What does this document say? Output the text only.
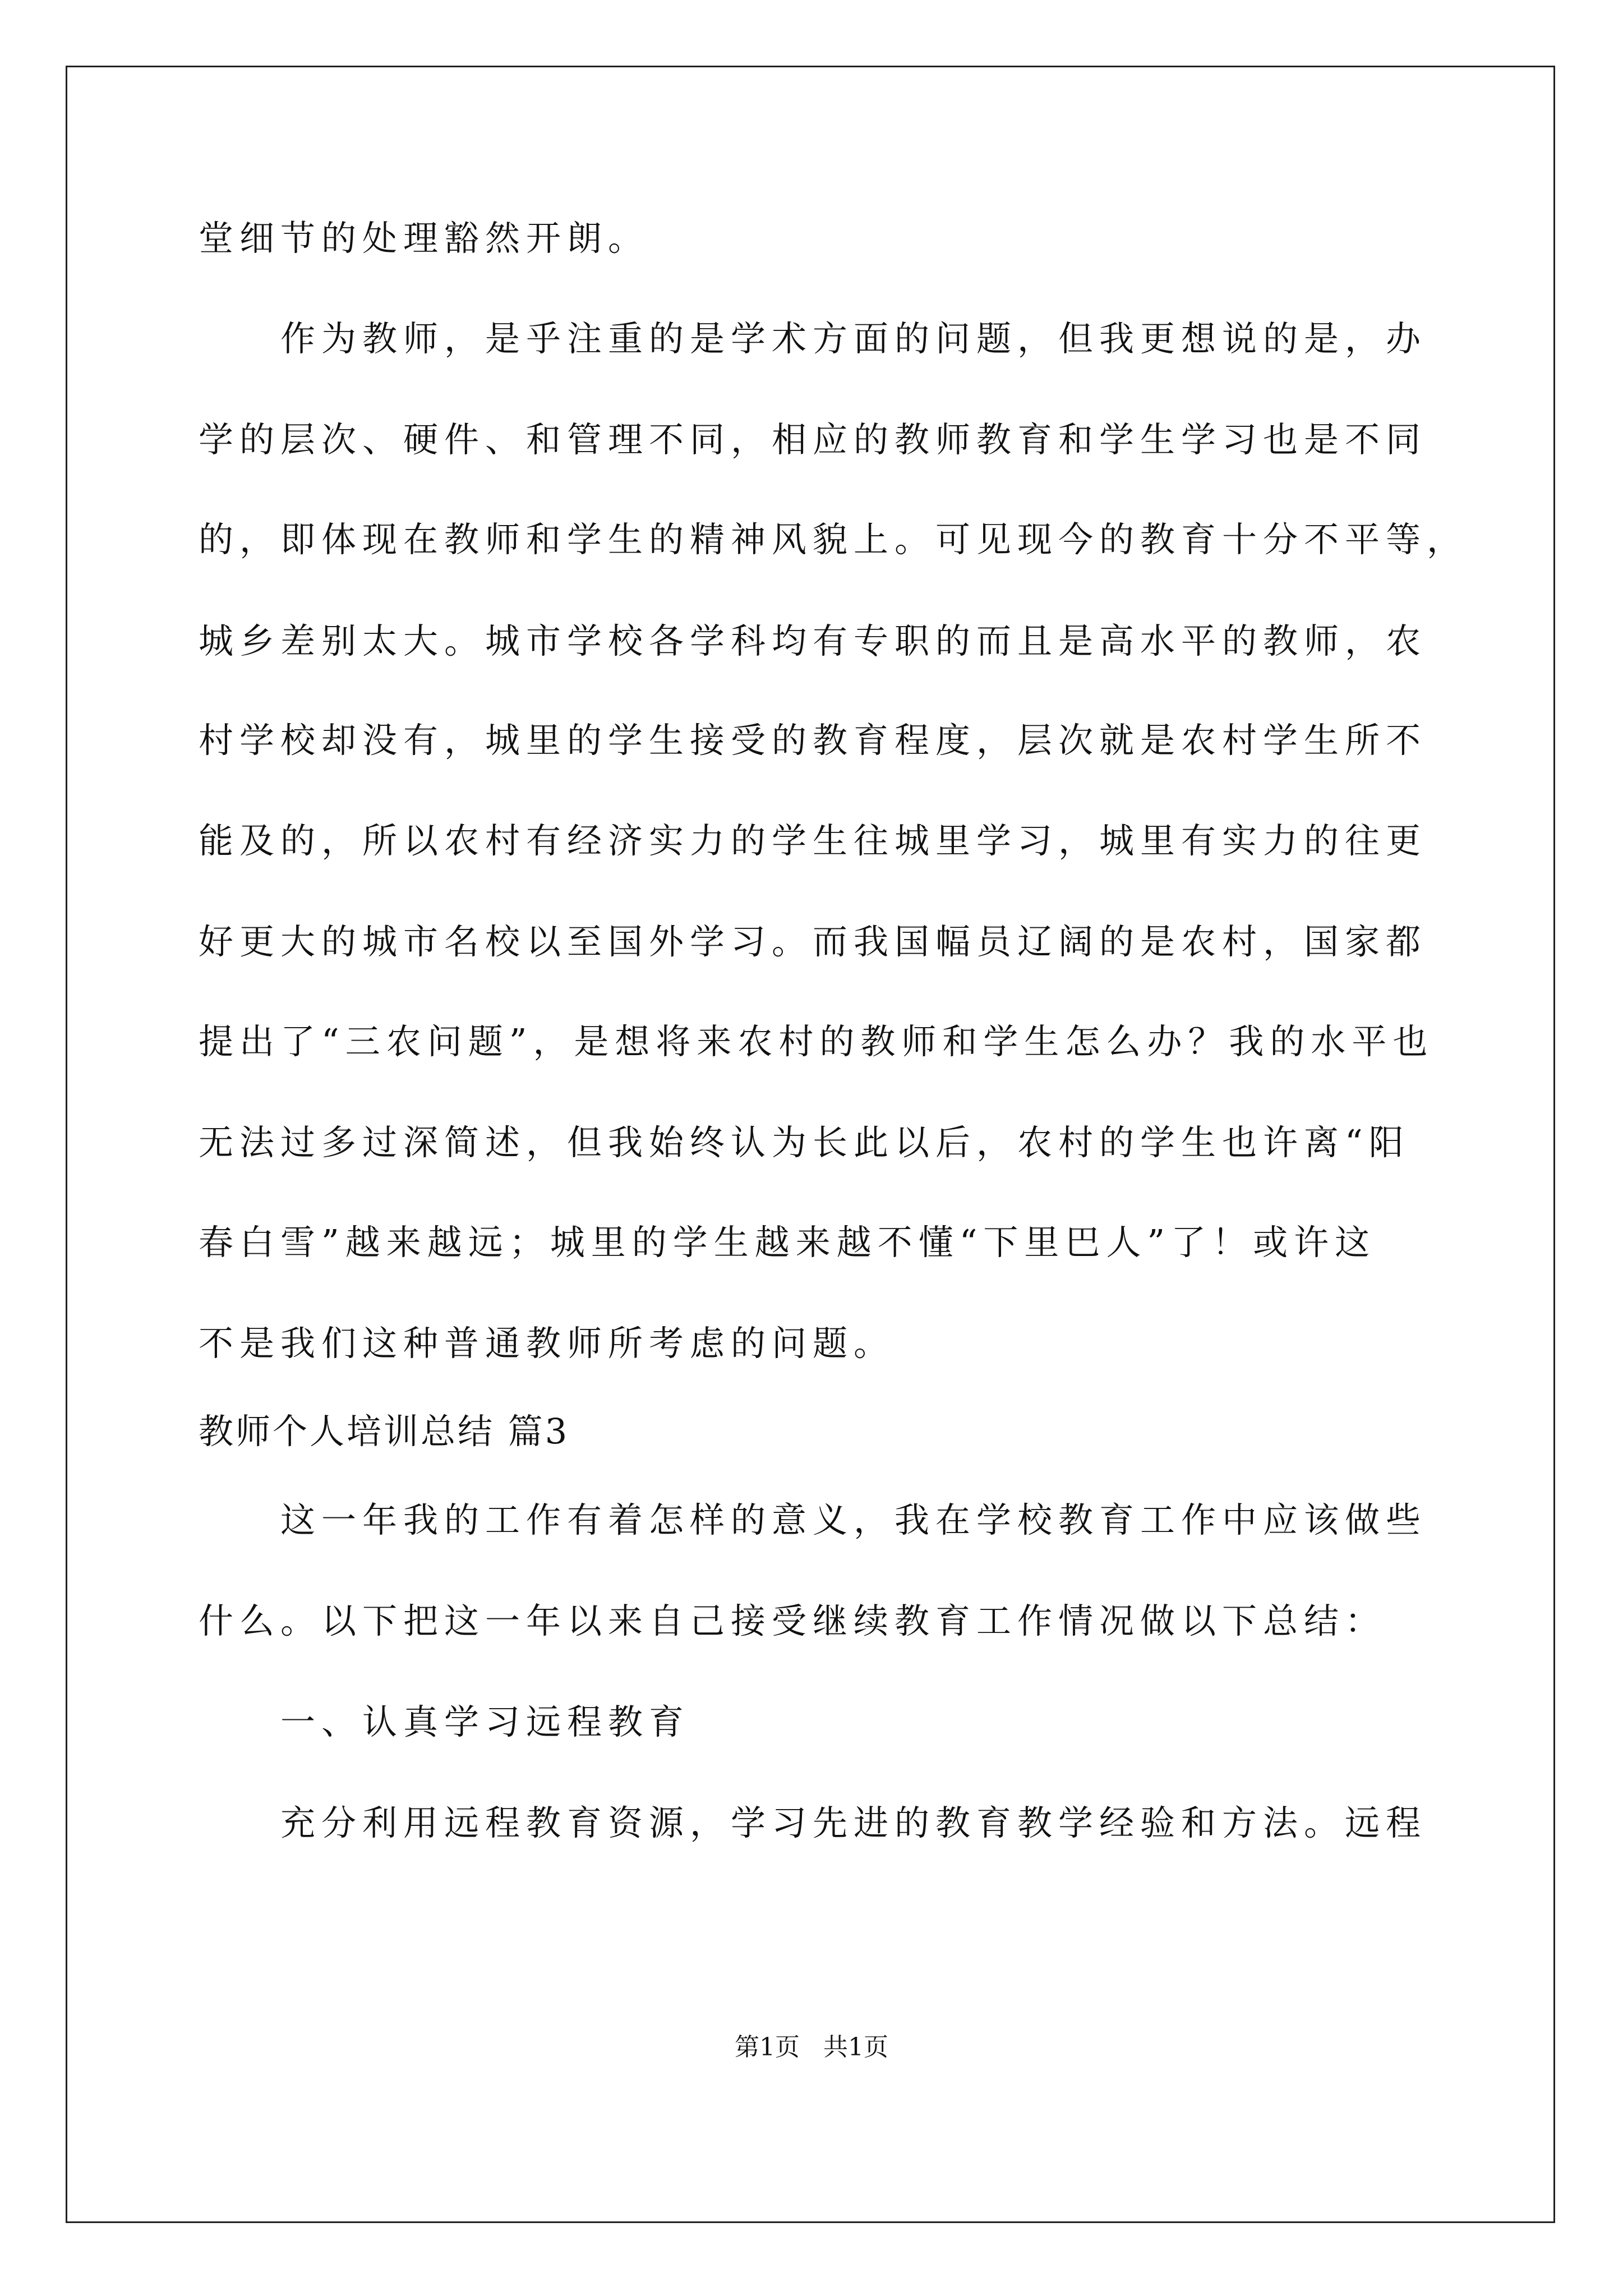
堂细节的处理豁然开朗。
　　作为教师，是乎注重的是学术方面的问题，但我更想说的是，办
学的层次、硬件、和管理不同，相应的教师教育和学生学习也是不同
的，即体现在教师和学生的精神风貌上。可见现今的教育十分不平等，
城乡差别太大。城市学校各学科均有专职的而且是高水平的教师，农
村学校却没有，城里的学生接受的教育程度，层次就是农村学生所不
能及的，所以农村有经济实力的学生往城里学习，城里有实力的往更
好更大的城市名校以至国外学习。而我国幅员辽阔的是农村，国家都
提出了“三农问题”，是想将来农村的教师和学生怎么办？我的水平也
无法过多过深简述，但我始终认为长此以后，农村的学生也许离“阳
春白雪”越来越远；城里的学生越来越不懂“下里巴人”了！或许这
不是我们这种普通教师所考虑的问题。
教师个人培训总结 篇3
　　这一年我的工作有着怎样的意义，我在学校教育工作中应该做些
什么。以下把这一年以来自己接受继续教育工作情况做以下总结：
　　一、认真学习远程教育
　　充分利用远程教育资源，学习先进的教育教学经验和方法。远程
第1页 共1页
